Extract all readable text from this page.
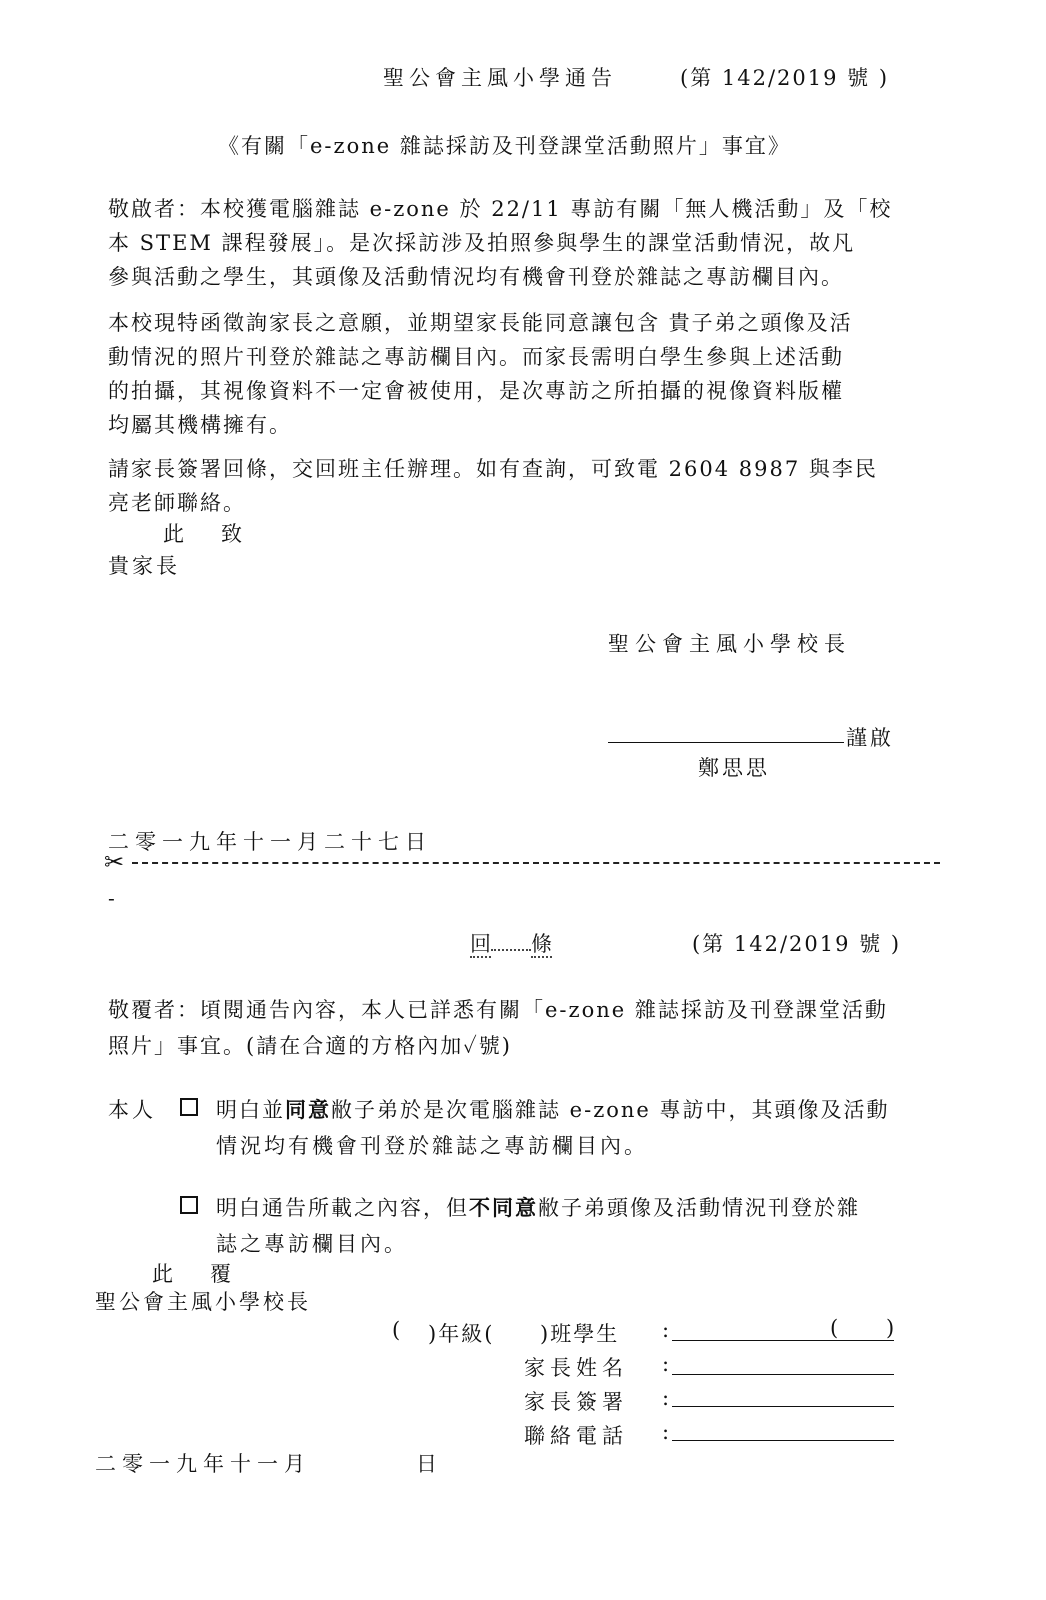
聖公會主風小學通告	(第 142/2019 號 )
《有關「e-zone 雜誌採訪及刊登課堂活動照片」事宜》

敬啟者：本校獲電腦雜誌 e-zone 於 22/11 專訪有關「無人機活動」及「校

本 STEM 課程發展」。是次採訪涉及拍照參與學生的課堂活動情況，故凡

參與活動之學生，其頭像及活動情況均有機會刊登於雜誌之專訪欄目內。

本校現特函徵詢家長之意願，並期望家長能同意讓包含 貴子弟之頭像及活

動情況的照片刊登於雜誌之專訪欄目內。而家長需明白學生參與上述活動

的拍攝，其視像資料不一定會被使用，是次專訪之所拍攝的視像資料版權

均屬其機構擁有。

請家長簽署回條，交回班主任辦理。如有查詢，可致電 2604 8987 與李民

亮老師聯絡。

此　致
貴家長
聖公會主風小學校長
謹啟
鄭思思
二零一九年十一月二十七日
✂
-
回 條	(第 142/2019 號 )

敬覆者：頃閱通告內容，本人已詳悉有關「e-zone 雜誌採訪及刊登課堂活動

照片」事宜。(請在合適的方格內加✓號)

本人	明白並同意敝子弟於是次電腦雜誌 e-zone 專訪中，其頭像及活動
情況均有機會刊登於雜誌之專訪欄目內。
明白通告所載之內容，但不同意敝子弟頭像及活動情況刊登於雜
誌之專訪欄目內。
此　覆
聖公會主風小學校長
( )年級( )班學生 :	( )
家長姓名 :
家長簽署 :
聯絡電話 :
二零一九年十一月	日
